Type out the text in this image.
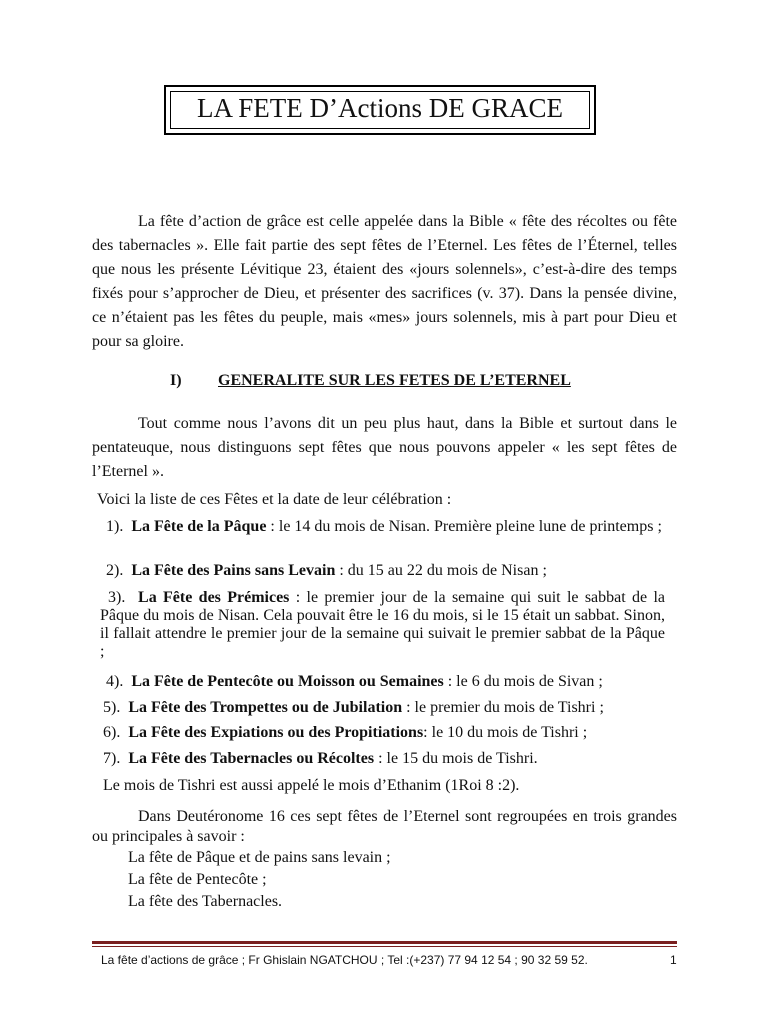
LA FETE D’Actions DE GRACE

La fête d’action de grâce est celle appelée dans la Bible « fête des récoltes ou fête des tabernacles ». Elle fait partie des sept fêtes de l’Eternel. Les fêtes de l’Éternel, telles que nous les présente Lévitique 23, étaient des «jours solennels», c’est-à-dire des temps fixés pour s’approcher de Dieu, et présenter des sacrifices (v. 37). Dans la pensée divine, ce n’étaient pas les fêtes du peuple, mais «mes» jours solennels, mis à part pour Dieu et pour sa gloire.

I) GENERALITE SUR LES FETES DE L’ETERNEL

Tout comme nous l’avons dit un peu plus haut, dans la Bible et surtout dans le pentateuque, nous distinguons sept fêtes que nous pouvons appeler « les sept fêtes de l’Eternel ».

Voici la liste de ces Fêtes et la date de leur célébration :
1). La Fête de la Pâque : le 14 du mois de Nisan. Première pleine lune de printemps ;
2). La Fête des Pains sans Levain : du 15 au 22 du mois de Nisan ;
3). La Fête des Prémices : le premier jour de la semaine qui suit le sabbat de la Pâque du mois de Nisan. Cela pouvait être le 16 du mois, si le 15 était un sabbat. Sinon, il fallait attendre le premier jour de la semaine qui suivait le premier sabbat de la Pâque ;
4). La Fête de Pentecôte ou Moisson ou Semaines : le 6 du mois de Sivan ;
5). La Fête des Trompettes ou de Jubilation : le premier du mois de Tishri ;
6). La Fête des Expiations ou des Propitiations: le 10 du mois de Tishri ;
7). La Fête des Tabernacles ou Récoltes : le 15 du mois de Tishri.
Le mois de Tishri est aussi appelé le mois d’Ethanim (1Roi 8 :2).

Dans Deutéronome 16 ces sept fêtes de l’Eternel sont regroupées en trois grandes ou principales à savoir :

La fête de Pâque et de pains sans levain ;
La fête de Pentecôte ;
La fête des Tabernacles.
La fête d’actions de grâce ; Fr Ghislain NGATCHOU ; Tel :(+237) 77 94 12 54 ; 90 32 59 52.	1
